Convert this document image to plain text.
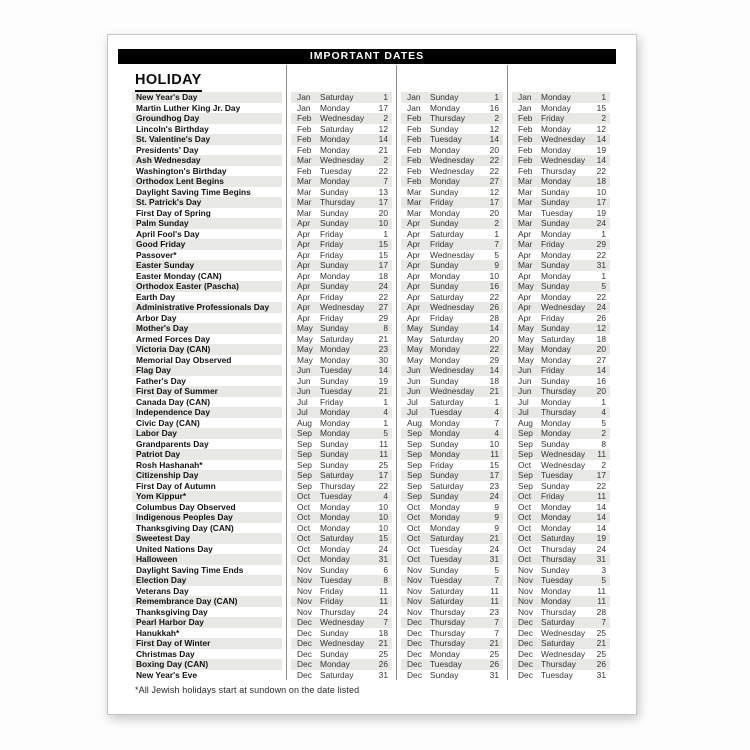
IMPORTANT DATES
HOLIDAY
New Year's Day	Jan	Saturday	1 Jan	Sunday	1 Jan	Monday	1
Martin Luther King Jr. Day	Jan	Monday	17 Jan	Monday	16 Jan	Monday	15
Groundhog Day	Feb	Wednesday	2 Feb	Thursday	2 Feb	Friday	2
Lincoln's Birthday	Feb	Saturday	12 Feb	Sunday	12 Feb	Monday	12
St. Valentine's Day	Feb	Monday	14 Feb	Tuesday	14 Feb	Wednesday	14
Presidents' Day	Feb	Monday	21 Feb	Monday	20 Feb	Monday	19
Ash Wednesday	Mar	Wednesday	2 Feb	Wednesday	22 Feb	Wednesday	14
Washington's Birthday	Feb	Tuesday	22 Feb	Wednesday	22 Feb	Thursday	22
Orthodox Lent Begins	Mar	Monday	7 Feb	Monday	27 Mar	Monday	18
Daylight Saving Time Begins	Mar	Sunday	13 Mar	Sunday	12 Mar	Sunday	10
St. Patrick's Day	Mar	Thursday	17 Mar	Friday	17 Mar	Sunday	17
First Day of Spring	Mar	Sunday	20 Mar	Monday	20 Mar	Tuesday	19
Palm Sunday	Apr	Sunday	10 Apr	Sunday	2 Mar	Sunday	24
April Fool's Day	Apr	Friday	1 Apr	Saturday	1 Apr	Monday	1
Good Friday	Apr	Friday	15 Apr	Friday	7 Mar	Friday	29
Passover*	Apr	Friday	15 Apr	Wednesday	5 Apr	Monday	22
Easter Sunday	Apr	Sunday	17 Apr	Sunday	9 Mar	Sunday	31
Easter Monday (CAN)	Apr	Monday	18 Apr	Monday	10 Apr	Monday	1
Orthodox Easter (Pascha)	Apr	Sunday	24 Apr	Sunday	16 May Sunday	5
Earth Day	Apr	Friday	22 Apr	Saturday	22 Apr	Monday	22
Administrative Professionals Day	Apr	Wednesday	27 Apr	Wednesday	26 Apr	Wednesday	24
Arbor Day	Apr	Friday	29 Apr	Friday	28 Apr	Friday	26
Mother's Day	May Sunday	8 May Sunday	14 May Sunday	12
Armed Forces Day	May Saturday	21 May Saturday	20 May Saturday	18
Victoria Day (CAN)	May Monday	23 May Monday	22 May Monday	20
Memorial Day Observed	May Monday	30 May Monday	29 May Monday	27
Flag Day	Jun	Tuesday	14 Jun	Wednesday	14 Jun	Friday	14
Father's Day	Jun	Sunday	19 Jun	Sunday	18 Jun	Sunday	16
First Day of Summer	Jun	Tuesday	21 Jun	Wednesday	21 Jun	Thursday	20
Canada Day (CAN)	Jul	Friday	1 Jul	Saturday	1 Jul	Monday	1
Independence Day	Jul	Monday	4 Jul	Tuesday	4 Jul	Thursday	4
Civic Day (CAN)	Aug Monday	1 Aug Monday	7 Aug Monday	5
Labor Day	Sep Monday	5 Sep Monday	4 Sep Monday	2
Grandparents Day	Sep Sunday	11 Sep Sunday	10 Sep Sunday	8
Patriot Day	Sep Sunday	11 Sep Monday	11 Sep Wednesday	11
Rosh Hashanah*	Sep Sunday	25 Sep Friday	15 Oct	Wednesday	2
Citizenship Day	Sep Saturday	17 Sep Sunday	17 Sep Tuesday	17
First Day of Autumn	Sep Thursday	22 Sep Saturday	23 Sep Sunday	22
Yom Kippur*	Oct	Tuesday	4 Sep Sunday	24 Oct	Friday	11
Columbus Day Observed	Oct	Monday	10 Oct	Monday	9 Oct	Monday	14
Indigenous Peoples Day	Oct	Monday	10 Oct	Monday	9 Oct	Monday	14
Thanksgiving Day (CAN)	Oct	Monday	10 Oct	Monday	9 Oct	Monday	14
Sweetest Day	Oct	Saturday	15 Oct	Saturday	21 Oct	Saturday	19
United Nations Day	Oct	Monday	24 Oct	Tuesday	24 Oct	Thursday	24
Halloween	Oct	Monday	31 Oct	Tuesday	31 Oct	Thursday	31
Daylight Saving Time Ends	Nov Sunday	6 Nov Sunday	5 Nov Sunday	3
Election Day	Nov Tuesday	8 Nov Tuesday	7 Nov Tuesday	5
Veterans Day	Nov Friday	11 Nov Saturday	11 Nov Monday	11
Remembrance Day (CAN)	Nov Friday	11 Nov Saturday	11 Nov Monday	11
Thanksgiving Day	Nov Thursday	24 Nov Thursday	23 Nov Thursday	28
Pearl Harbor Day	Dec Wednesday	7 Dec Thursday	7 Dec Saturday	7
Hanukkah*	Dec Sunday	18 Dec Thursday	7 Dec Wednesday	25
First Day of Winter	Dec Wednesday	21 Dec Thursday	21 Dec Saturday	21
Christmas Day	Dec Sunday	25 Dec Monday	25 Dec Wednesday	25
Boxing Day (CAN)	Dec Monday	26 Dec Tuesday	26 Dec Thursday	26
New Year's Eve	Dec Saturday	31 Dec Sunday	31 Dec Tuesday	31
*All Jewish holidays start at sundown on the date listed
